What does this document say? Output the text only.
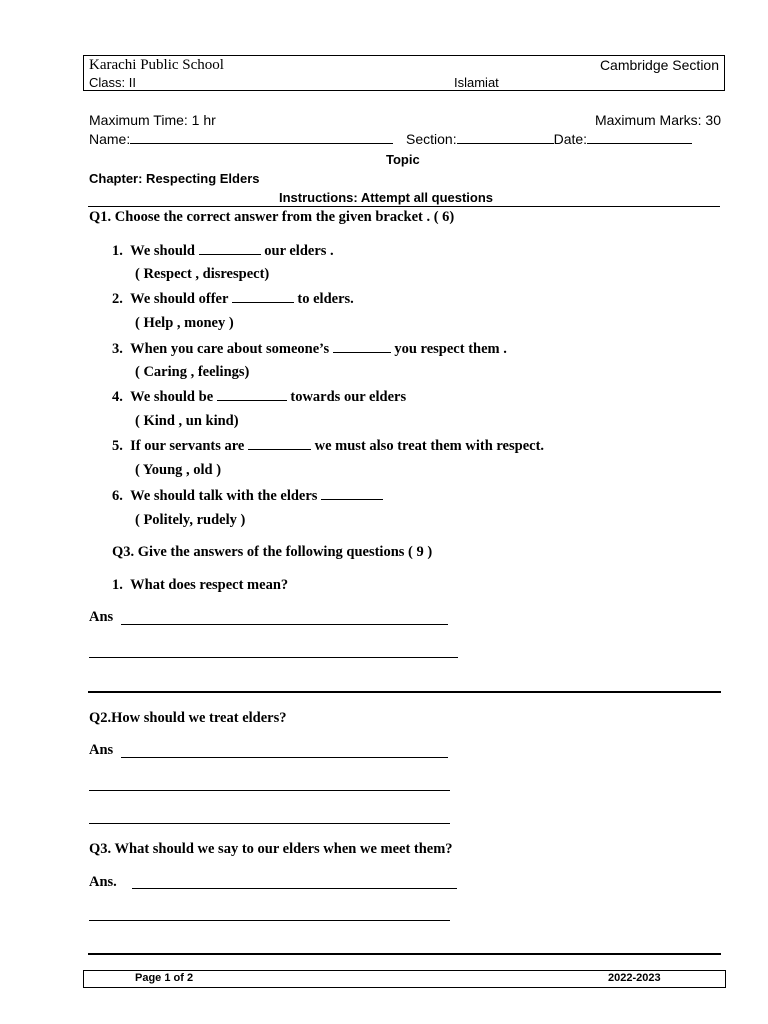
Karachi Public School	Cambridge Section
Class: II	Islamiat
Maximum Time: 1 hr	Maximum Marks: 30
Name:	Section:	Date:
Topic
Chapter: Respecting Elders
Instructions: Attempt all questions
Q1. Choose the correct answer from the given bracket . ( 6)
1. We should	our elders .
( Respect , disrespect)
2. We should offer	to elders.
( Help , money )
3. When you care about someone’s	you respect them .
( Caring , feelings)
4. We should be	towards our elders
( Kind , un kind)
5. If our servants are	we must also treat them with respect.
( Young , old )
6. We should talk with the elders
( Politely, rudely )
Q3. Give the answers of the following questions ( 9 )
1. What does respect mean?
Ans
Q2.How should we treat elders?
Ans
Q3. What should we say to our elders when we meet them?
Ans.
Page 1 of 2	2022-2023
